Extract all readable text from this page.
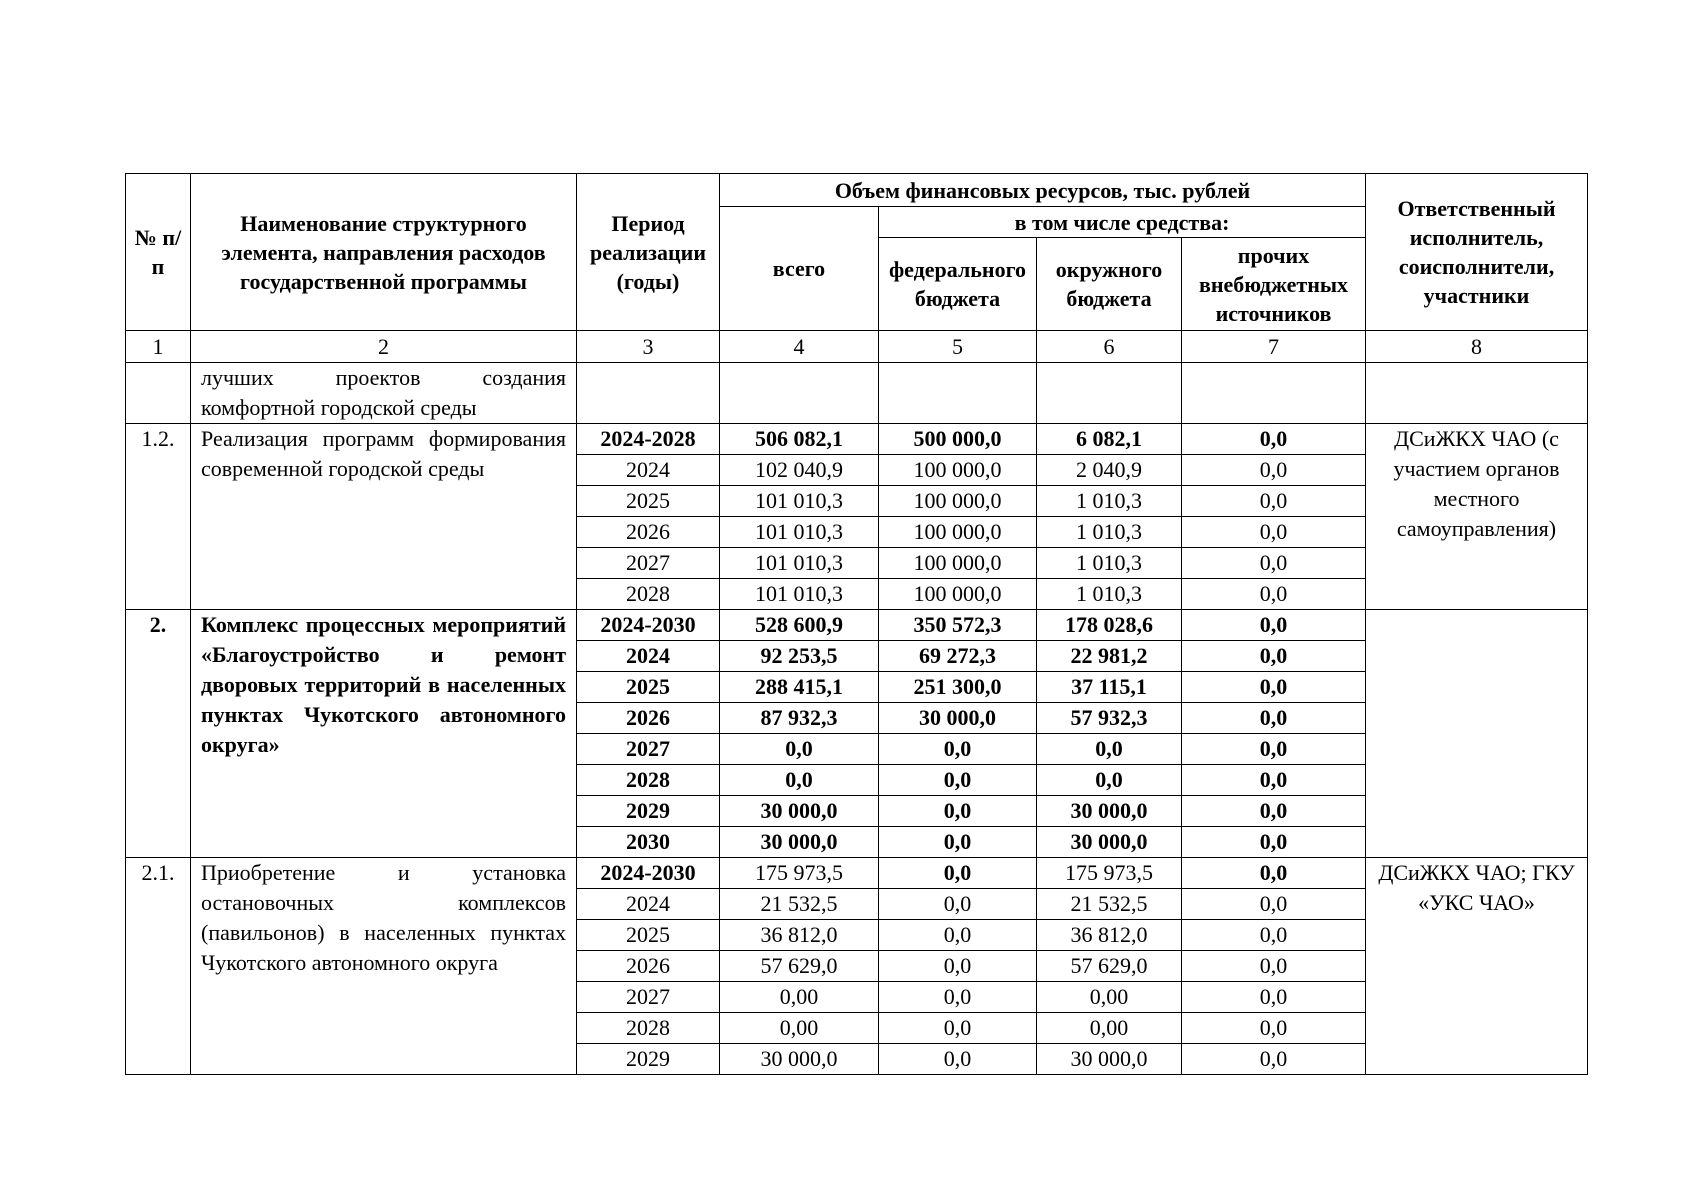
№ п/п	Наименование структурного элемента, направления расходов государственной программы	Период реализации (годы)	Объем финансовых ресурсов, тыс. рублей				Ответственный исполнитель, соисполнители, участники
			всего	в том числе средства:			
				федерального бюджета	окружного бюджета	прочих внебюджетных источников	
1	2	3	4	5	6	7	8
	лучших проектов создания комфортной городской среды						
1.2.	Реализация программ формирования современной городской среды	2024-2028	506 082,1	500 000,0	6 082,1	0,0	ДСиЖКХ ЧАО (с участием органов местного самоуправления)
		2024	102 040,9	100 000,0	2 040,9	0,0	
		2025	101 010,3	100 000,0	1 010,3	0,0	
		2026	101 010,3	100 000,0	1 010,3	0,0	
		2027	101 010,3	100 000,0	1 010,3	0,0	
		2028	101 010,3	100 000,0	1 010,3	0,0	
2.	Комплекс процессных мероприятий «Благоустройство и ремонт дворовых территорий в населенных пунктах Чукотского автономного округа»	2024-2030	528 600,9	350 572,3	178 028,6	0,0	
		2024	92 253,5	69 272,3	22 981,2	0,0	
		2025	288 415,1	251 300,0	37 115,1	0,0	
		2026	87 932,3	30 000,0	57 932,3	0,0	
		2027	0,0	0,0	0,0	0,0	
		2028	0,0	0,0	0,0	0,0	
		2029	30 000,0	0,0	30 000,0	0,0	
		2030	30 000,0	0,0	30 000,0	0,0	
2.1.	Приобретение и установка остановочных комплексов (павильонов) в населенных пунктах Чукотского автономного округа	2024-2030	175 973,5	0,0	175 973,5	0,0	ДСиЖКХ ЧАО; ГКУ «УКС ЧАО»
		2024	21 532,5	0,0	21 532,5	0,0	
		2025	36 812,0	0,0	36 812,0	0,0	
		2026	57 629,0	0,0	57 629,0	0,0	
		2027	0,00	0,0	0,00	0,0	
		2028	0,00	0,0	0,00	0,0	
		2029	30 000,0	0,0	30 000,0	0,0	
